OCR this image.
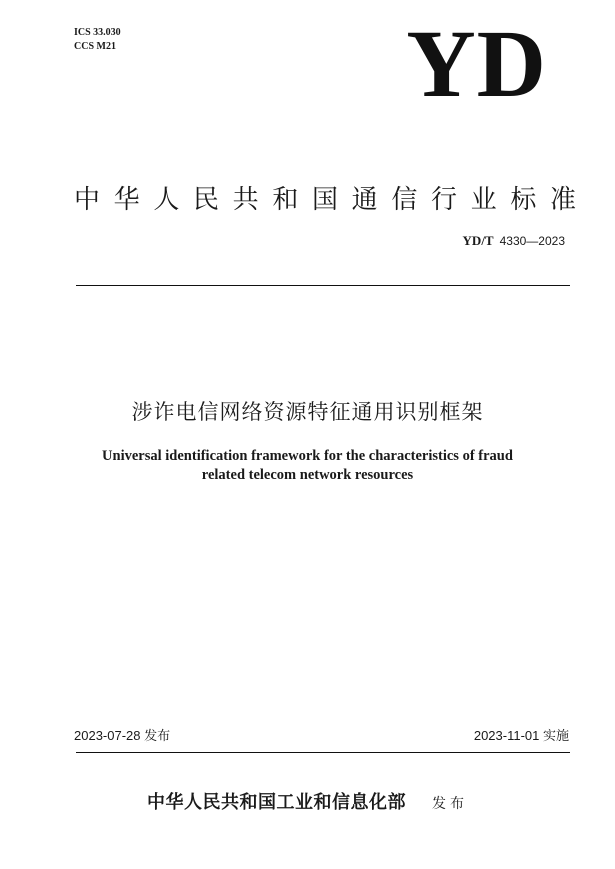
ICS 33.030
CCS M21	YD
中华人民共和国通信行业标准
YD/T 4330—2023
涉诈电信网络资源特征通用识别框架
Universal identification framework for the characteristics of fraud
related telecom network resources
2023-07-28 发布	2023-11-01 实施
中华人民共和国工业和信息化部 发布
